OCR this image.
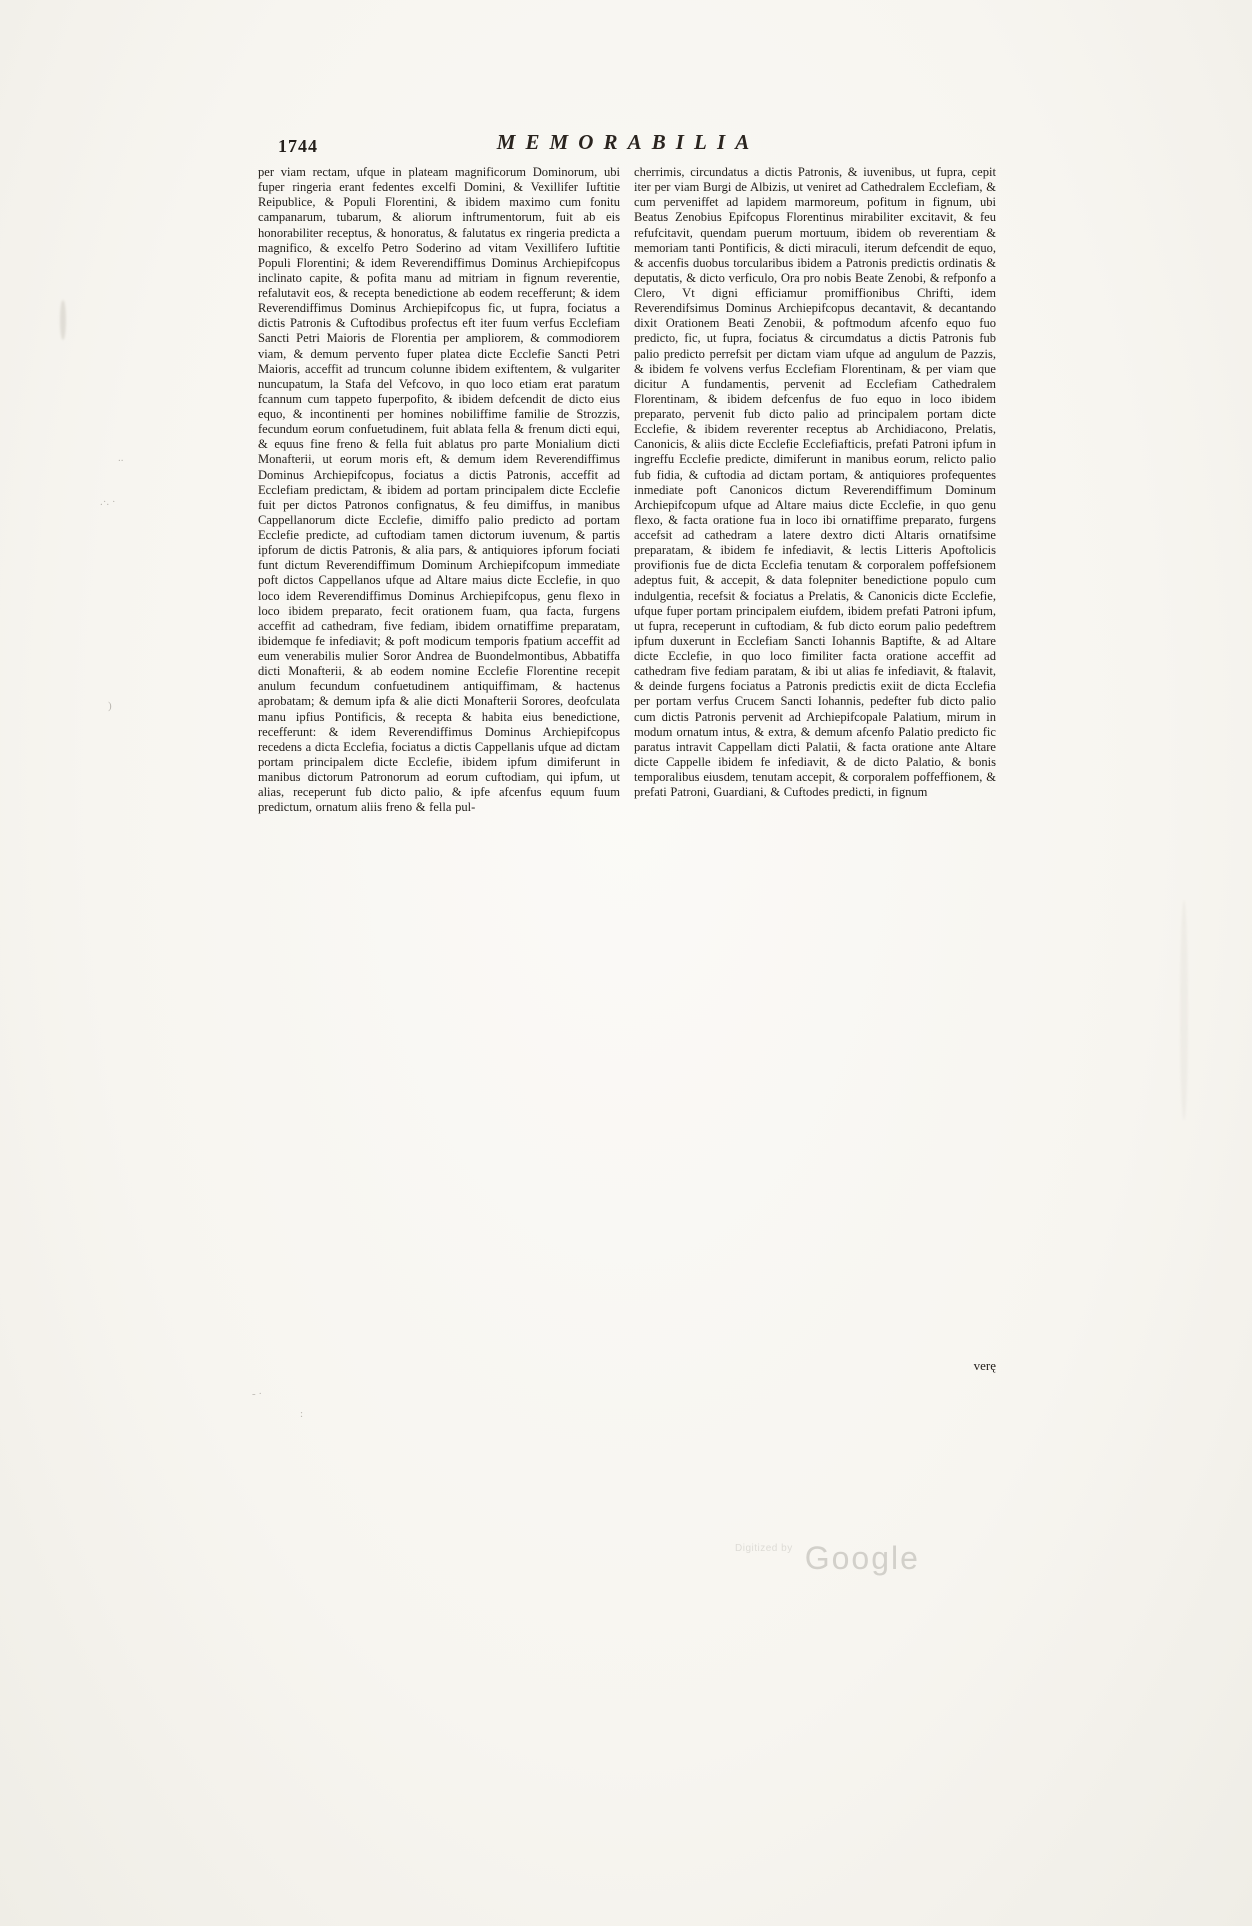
1744	MEMORABILIA
per viam rectam, ufque in plateam magnificorum Dominorum, ubi fuper ringeria erant fedentes excelfi Domini, & Vexillifer Iuftitie Reipublice, & Populi Florentini, & ibidem maximo cum fonitu campanarum, tubarum, & aliorum inftrumentorum, fuit ab eis honorabiliter receptus, & honoratus, & falutatus ex ringeria predicta a magnifico, & excelfo Petro Soderino ad vitam Vexillifero Iuftitie Populi Florentini; & idem Reverendiffimus Dominus Archiepifcopus inclinato capite, & pofita manu ad mitriam in fignum reverentie, refalutavit eos, & recepta benedictione ab eodem recefferunt; & idem Reverendiffimus Dominus Archiepifcopus fic, ut fupra, fociatus a dictis Patronis & Cuftodibus profectus eft iter fuum verfus Ecclefiam Sancti Petri Maioris de Florentia per ampliorem, & commodiorem viam, & demum pervento fuper platea dicte Ecclefie Sancti Petri Maioris, acceffit ad truncum colunne ibidem exiftentem, & vulgariter nuncupatum, la Stafa del Vefcovo, in quo loco etiam erat paratum fcannum cum tappeto fuperpofito, & ibidem defcendit de dicto eius equo, & incontinenti per homines nobiliffime familie de Strozzis, fecundum eorum confuetudinem, fuit ablata fella & frenum dicti equi, & equus fine freno & fella fuit ablatus pro parte Monialium dicti Monafterii, ut eorum moris eft, & demum idem Reverendiffimus Dominus Archiepifcopus, fociatus a dictis Patronis, acceffit ad Ecclefiam predictam, & ibidem ad portam principalem dicte Ecclefie fuit per dictos Patronos confignatus, & feu dimiffus, in manibus Cappellanorum dicte Ecclefie, dimiffo palio predicto ad portam Ecclefie predicte, ad cuftodiam tamen dictorum iuvenum, & partis ipforum de dictis Patronis, & alia pars, & antiquiores ipforum fociati funt dictum Reverendiffimum Dominum Archiepifcopum immediate poft dictos Cappellanos ufque ad Altare maius dicte Ecclefie, in quo loco idem Reverendiffimus Dominus Archiepifcopus, genu flexo in loco ibidem preparato, fecit orationem fuam, qua facta, furgens acceffit ad cathedram, five fediam, ibidem ornatiffime preparatam, ibidemque fe infediavit; & poft modicum temporis fpatium acceffit ad eum venerabilis mulier Soror Andrea de Buondelmontibus, Abbatiffa dicti Monafterii, & ab eodem nomine Ecclefie Florentine recepit anulum fecundum confuetudinem antiquiffimam, & hactenus aprobatam; & demum ipfa & alie dicti Monafterii Sorores, deofculata manu ipfius Pontificis, & recepta & habita eius benedictione, recefferunt: & idem Reverendiffimus Dominus Archiepifcopus recedens a dicta Ecclefia, fociatus a dictis Cappellanis ufque ad dictam portam principalem dicte Ecclefie, ibidem ipfum dimiferunt in manibus dictorum Patronorum ad eorum cuftodiam, qui ipfum, ut alias, receperunt fub dicto palio, & ipfe afcenfus equum fuum predictum, ornatum aliis freno & fella pul-
cherrimis, circundatus a dictis Patronis, & iuvenibus, ut fupra, cepit iter per viam Burgi de Albizis, ut veniret ad Cathedralem Ecclefiam, & cum perveniffet ad lapidem marmoreum, pofitum in fignum, ubi Beatus Zenobius Epifcopus Florentinus mirabiliter excitavit, & feu refufcitavit, quendam puerum mortuum, ibidem ob reverentiam & memoriam tanti Pontificis, & dicti miraculi, iterum defcendit de equo, & accenfis duobus torcularibus ibidem a Patronis predictis ordinatis & deputatis, & dicto verficulo, Ora pro nobis Beate Zenobi, & refponfo a Clero, Vt digni efficiamur promiffionibus Chrifti, idem Reverendifsimus Dominus Archiepifcopus decantavit, & decantando dixit Orationem Beati Zenobii, & poftmodum afcenfo equo fuo predicto, fic, ut fupra, fociatus & circumdatus a dictis Patronis fub palio predicto perrefsit per dictam viam ufque ad angulum de Pazzis, & ibidem fe volvens verfus Ecclefiam Florentinam, & per viam que dicitur A fundamentis, pervenit ad Ecclefiam Cathedralem Florentinam, & ibidem defcenfus de fuo equo in loco ibidem preparato, pervenit fub dicto palio ad principalem portam dicte Ecclefie, & ibidem reverenter receptus ab Archidiacono, Prelatis, Canonicis, & aliis dicte Ecclefie Ecclefiafticis, prefati Patroni ipfum in ingreffu Ecclefie predicte, dimiferunt in manibus eorum, relicto palio fub fidia, & cuftodia ad dictam portam, & antiquiores profequentes inmediate poft Canonicos dictum Reverendiffimum Dominum Archiepifcopum ufque ad Altare maius dicte Ecclefie, in quo genu flexo, & facta oratione fua in loco ibi ornatiffime preparato, furgens accefsit ad cathedram a latere dextro dicti Altaris ornatifsime preparatam, & ibidem fe infediavit, & lectis Litteris Apoftolicis provifionis fue de dicta Ecclefia tenutam & corporalem poffefsionem adeptus fuit, & accepit, & data folepniter benedictione populo cum indulgentia, recefsit & fociatus a Prelatis, & Canonicis dicte Ecclefie, ufque fuper portam principalem eiufdem, ibidem prefati Patroni ipfum, ut fupra, receperunt in cuftodiam, & fub dicto eorum palio pedeftrem ipfum duxerunt in Ecclefiam Sancti Iohannis Baptifte, & ad Altare dicte Ecclefie, in quo loco fimiliter facta oratione acceffit ad cathedram five fediam paratam, & ibi ut alias fe infediavit, & ftalavit, & deinde furgens fociatus a Patronis predictis exiit de dicta Ecclefia per portam verfus Crucem Sancti Iohannis, pedefter fub dicto palio cum dictis Patronis pervenit ad Archiepifcopale Palatium, mirum in modum ornatum intus, & extra, & demum afcenfo Palatio predicto fic paratus intravit Cappellam dicti Palatii, & facta oratione ante Altare dicte Cappelle ibidem fe infediavit, & de dicto Palatio, & bonis temporalibus eiusdem, tenutam accepit, & corporalem poffeffionem, & prefati Patroni, Guardiani, & Cuftodes predicti, in fignum
verę
..
.·. ·
)
- ·
:
$^{Digitized by}$ Google
